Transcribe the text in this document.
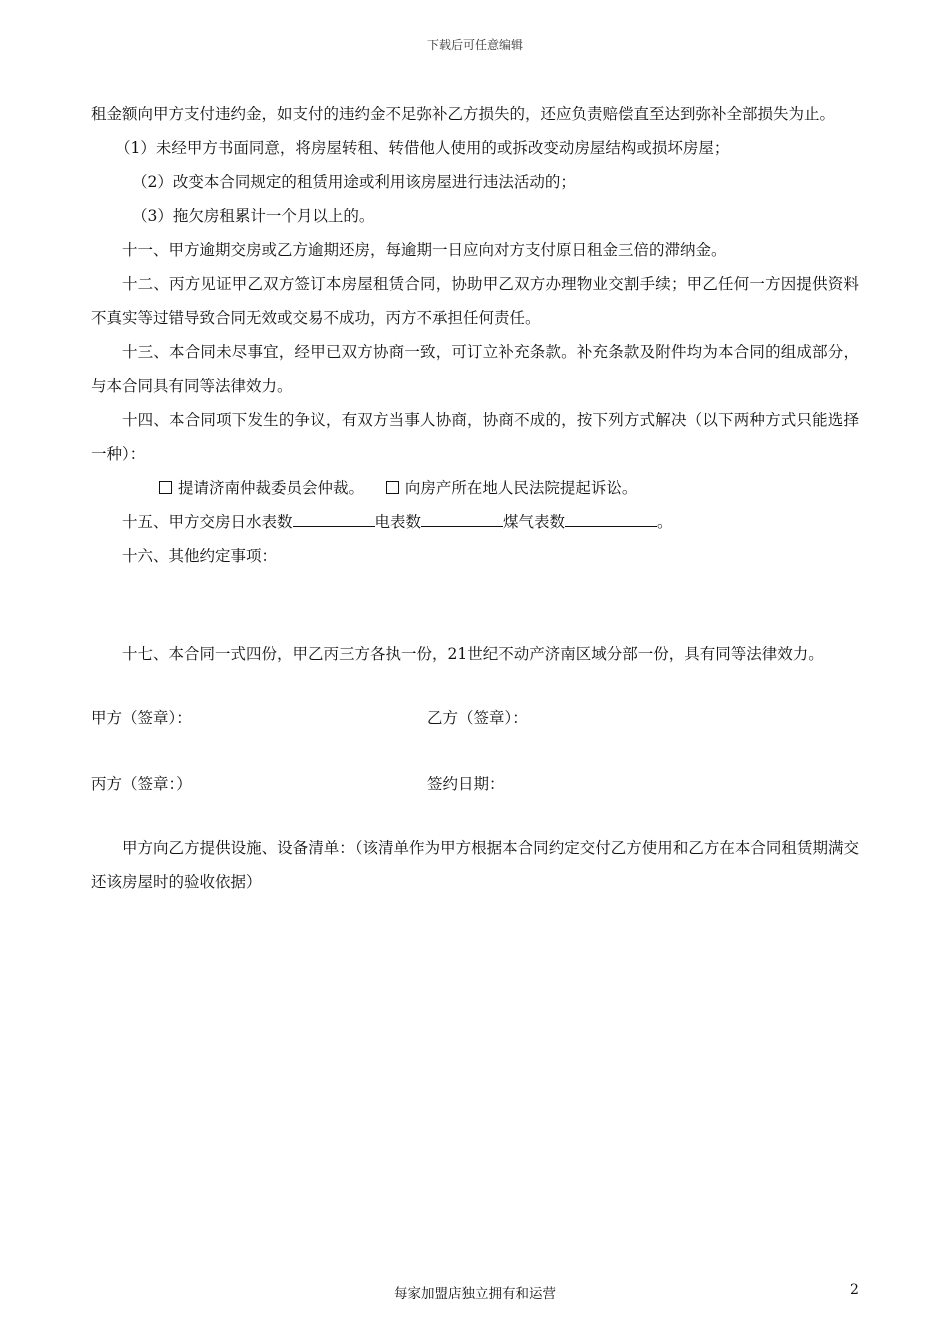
下载后可任意编辑

租金额向甲方支付违约金，如支付的违约金不足弥补乙方损失的，还应负责赔偿直至达到弥补全部损失为止。

（1）未经甲方书面同意，将房屋转租、转借他人使用的或拆改变动房屋结构或损坏房屋；

（2）改变本合同规定的租赁用途或利用该房屋进行违法活动的；

（3）拖欠房租累计一个月以上的。

十一、甲方逾期交房或乙方逾期还房，每逾期一日应向对方支付原日租金三倍的滞纳金。

十二、丙方见证甲乙双方签订本房屋租赁合同，协助甲乙双方办理物业交割手续；甲乙任何一方因提供资料不真实等过错导致合同无效或交易不成功，丙方不承担任何责任。

十三、本合同未尽事宜，经甲已双方协商一致，可订立补充条款。补充条款及附件均为本合同的组成部分，与本合同具有同等法律效力。

十四、本合同项下发生的争议，有双方当事人协商，协商不成的，按下列方式解决（以下两种方式只能选择一种）：

提请济南仲裁委员会仲裁。	向房产所在地人民法院提起诉讼。

十五、甲方交房日水表数	电表数	煤气表数	。

十六、其他约定事项：

十七、本合同一式四份，甲乙丙三方各执一份，21世纪不动产济南区域分部一份，具有同等法律效力。

甲方（签章）：	乙方（签章）：
丙方（签章：）	签约日期：

甲方向乙方提供设施、设备清单：（该清单作为甲方根据本合同约定交付乙方使用和乙方在本合同租赁期满交还该房屋时的验收依据）

每家加盟店独立拥有和运营	2
